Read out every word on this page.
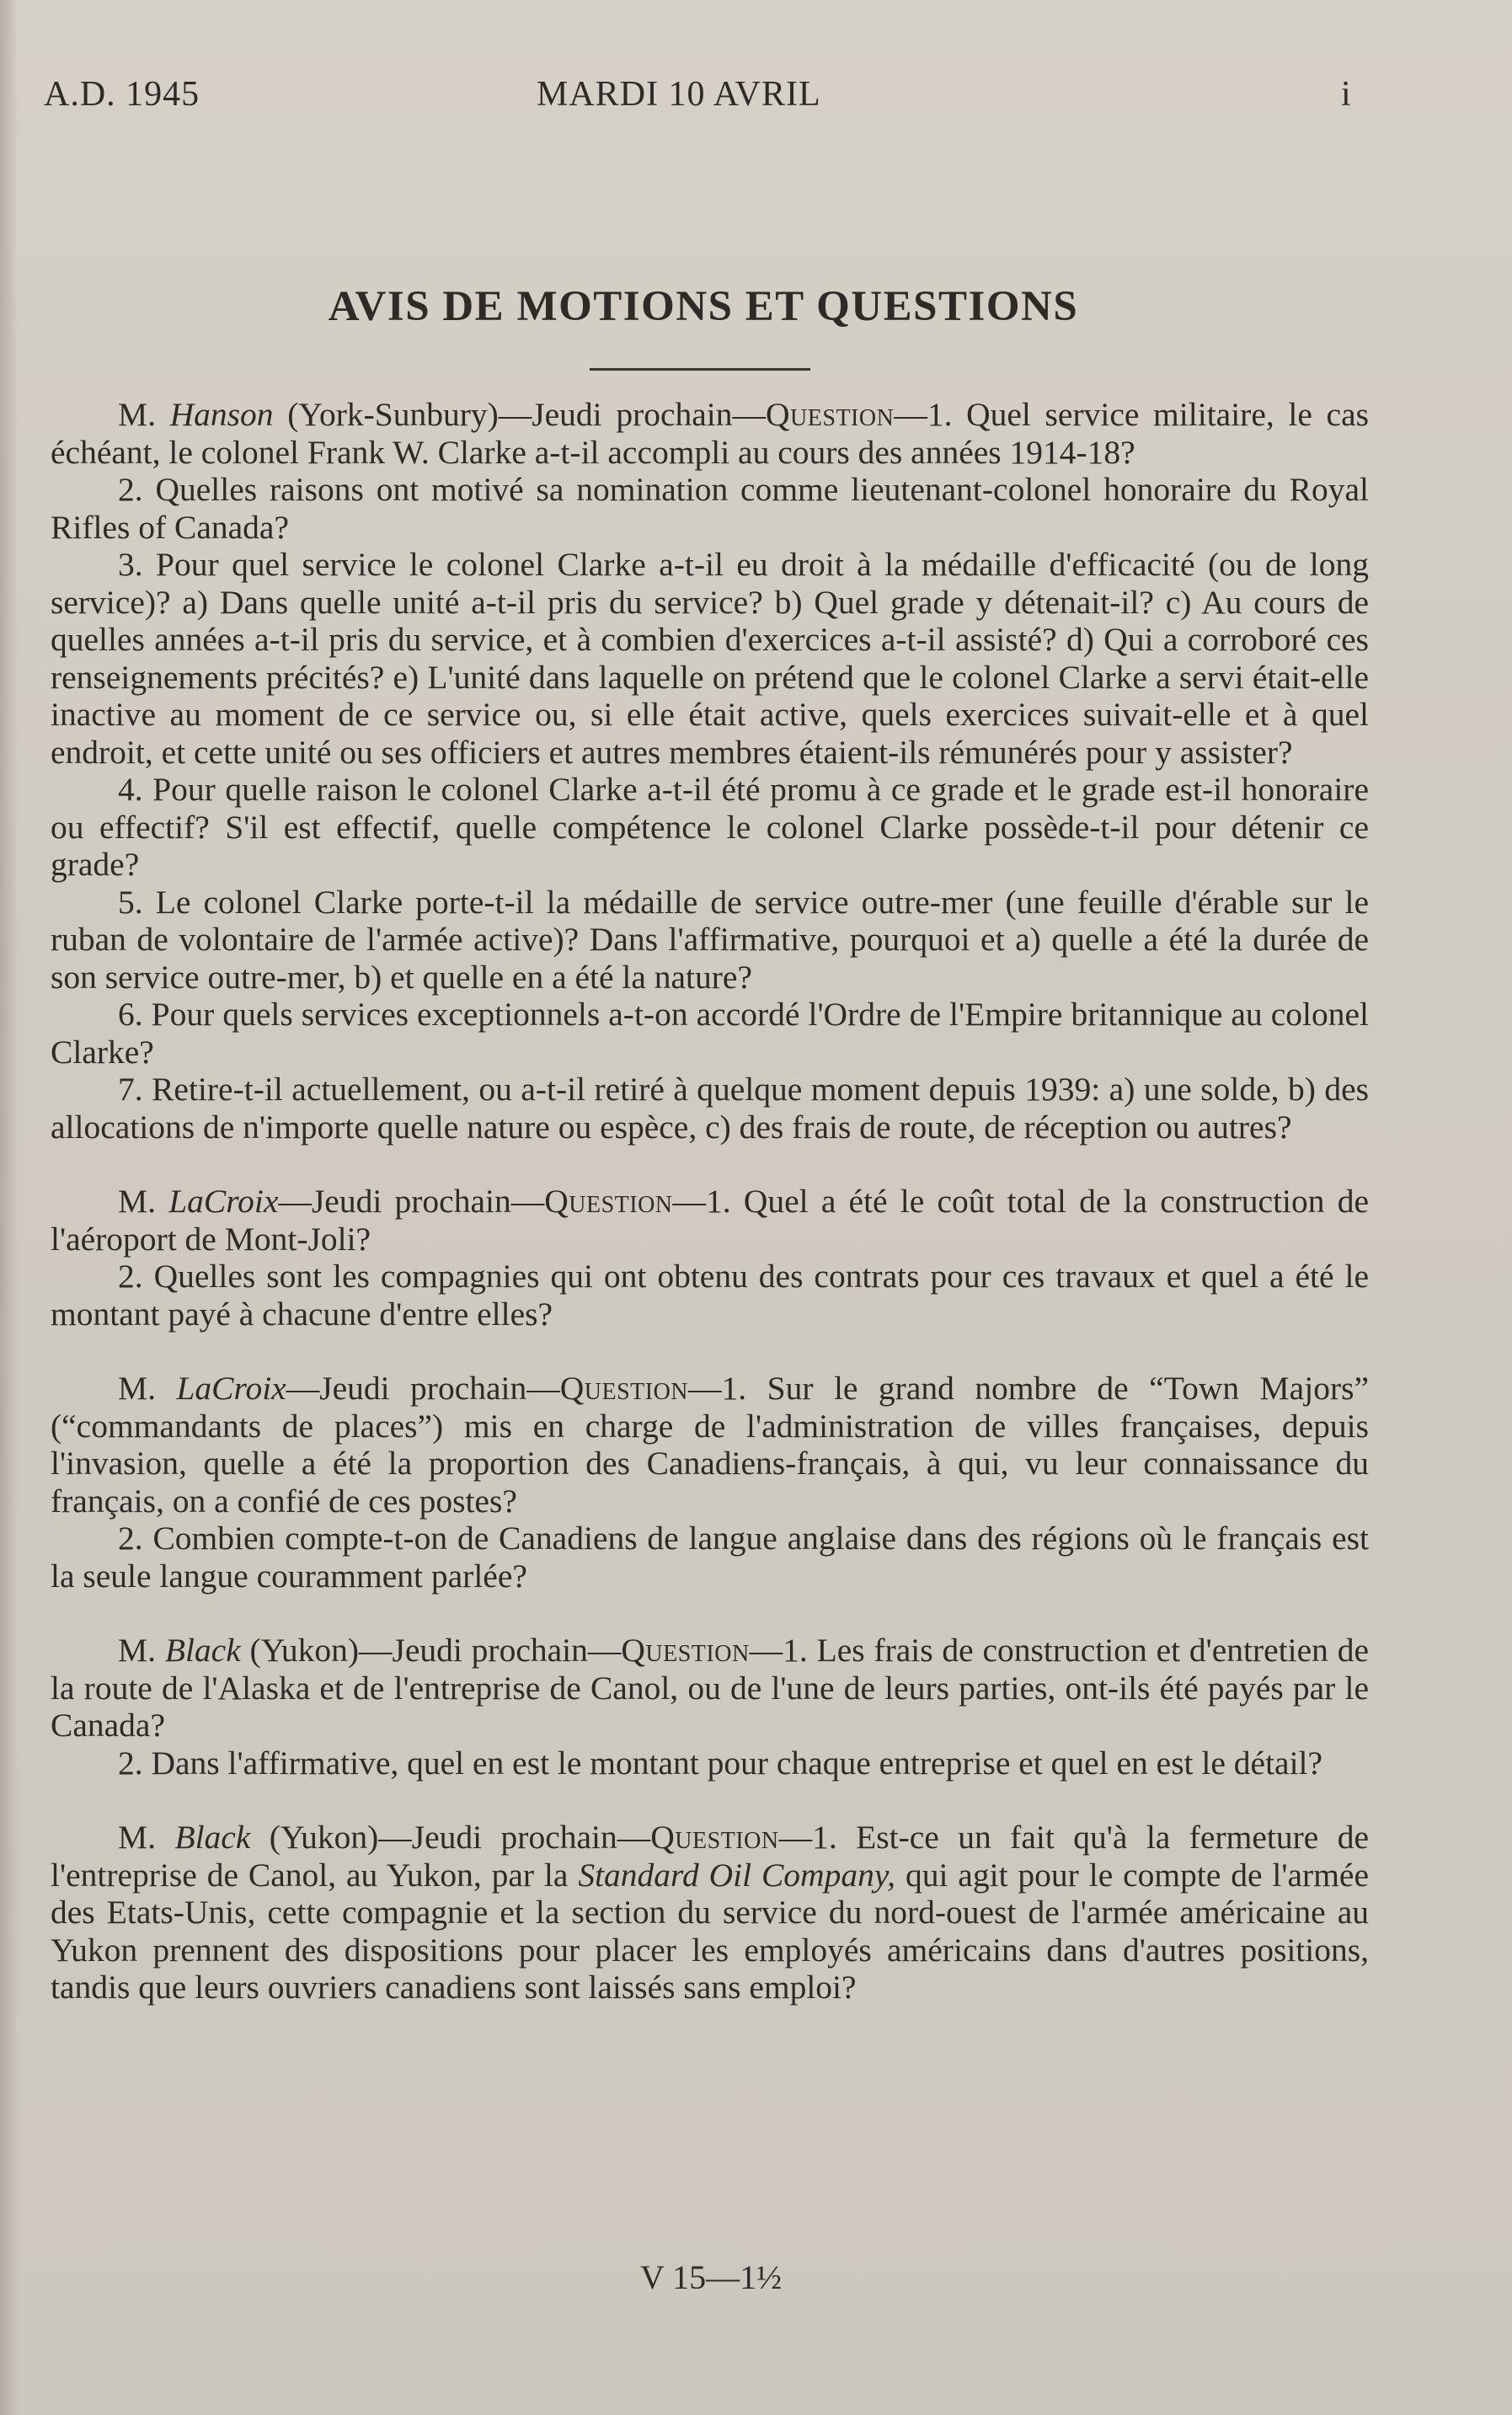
A.D. 1945	MARDI 10 AVRIL	i
AVIS DE MOTIONS ET QUESTIONS

M. Hanson (York-Sunbury)—Jeudi prochain—Question—1. Quel service militaire, le cas échéant, le colonel Frank W. Clarke a-t-il accompli au cours des années 1914-18?

2. Quelles raisons ont motivé sa nomination comme lieutenant-colonel honoraire du Royal Rifles of Canada?

3. Pour quel service le colonel Clarke a-t-il eu droit à la médaille d'efficacité (ou de long service)? a) Dans quelle unité a-t-il pris du service? b) Quel grade y détenait-il? c) Au cours de quelles années a-t-il pris du service, et à combien d'exercices a-t-il assisté? d) Qui a corroboré ces renseignements précités? e) L'unité dans laquelle on prétend que le colonel Clarke a servi était-elle inactive au moment de ce service ou, si elle était active, quels exercices suivait-elle et à quel endroit, et cette unité ou ses officiers et autres membres étaient-ils rémunérés pour y assister?

4. Pour quelle raison le colonel Clarke a-t-il été promu à ce grade et le grade est-il honoraire ou effectif? S'il est effectif, quelle compétence le colonel Clarke possède-t-il pour détenir ce grade?

5. Le colonel Clarke porte-t-il la médaille de service outre-mer (une feuille d'érable sur le ruban de volontaire de l'armée active)? Dans l'affirmative, pourquoi et a) quelle a été la durée de son service outre-mer, b) et quelle en a été la nature?

6. Pour quels services exceptionnels a-t-on accordé l'Ordre de l'Empire britannique au colonel Clarke?

7. Retire-t-il actuellement, ou a-t-il retiré à quelque moment depuis 1939: a) une solde, b) des allocations de n'importe quelle nature ou espèce, c) des frais de route, de réception ou autres?

M. LaCroix—Jeudi prochain—Question—1. Quel a été le coût total de la construction de l'aéroport de Mont-Joli?

2. Quelles sont les compagnies qui ont obtenu des contrats pour ces travaux et quel a été le montant payé à chacune d'entre elles?

M. LaCroix—Jeudi prochain—Question—1. Sur le grand nombre de “Town Majors” (“commandants de places”) mis en charge de l'administration de villes françaises, depuis l'invasion, quelle a été la proportion des Canadiens-français, à qui, vu leur connaissance du français, on a confié de ces postes?

2. Combien compte-t-on de Canadiens de langue anglaise dans des régions où le français est la seule langue couramment parlée?

M. Black (Yukon)—Jeudi prochain—Question—1. Les frais de construction et d'entretien de la route de l'Alaska et de l'entreprise de Canol, ou de l'une de leurs parties, ont-ils été payés par le Canada?

2. Dans l'affirmative, quel en est le montant pour chaque entreprise et quel en est le détail?

M. Black (Yukon)—Jeudi prochain—Question—1. Est-ce un fait qu'à la fermeture de l'entreprise de Canol, au Yukon, par la Standard Oil Company, qui agit pour le compte de l'armée des Etats-Unis, cette compagnie et la section du service du nord-ouest de l'armée américaine au Yukon prennent des dispositions pour placer les employés américains dans d'autres positions, tandis que leurs ouvriers canadiens sont laissés sans emploi?

V 15—1½
